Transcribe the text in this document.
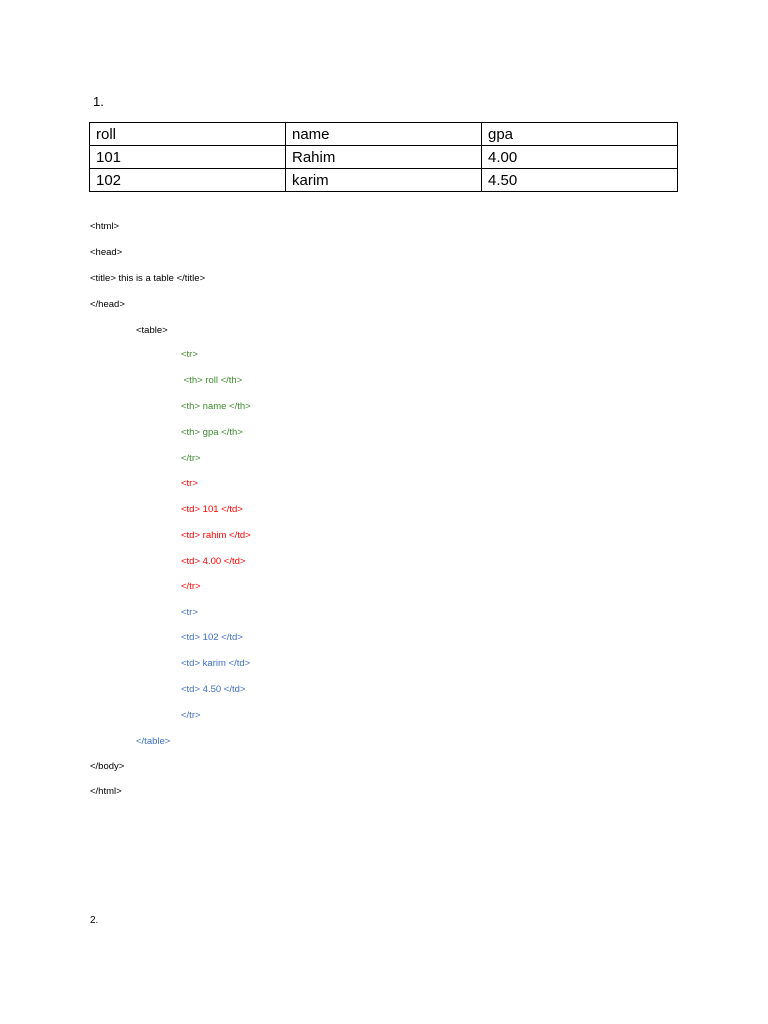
1.
roll	name	gpa
101	Rahim	4.00
102	karim	4.50
<html>
<head>
<title> this is a table </title>
</head>
<table>
<tr>
<th> roll </th>
<th> name </th>
<th> gpa </th>
</tr>
<tr>
<td> 101 </td>
<td> rahim </td>
<td> 4.00 </td>
</tr>
<tr>
<td> 102 </td>
<td> karim </td>
<td> 4.50 </td>
</tr>
</table>
</body>
</html>
2.
